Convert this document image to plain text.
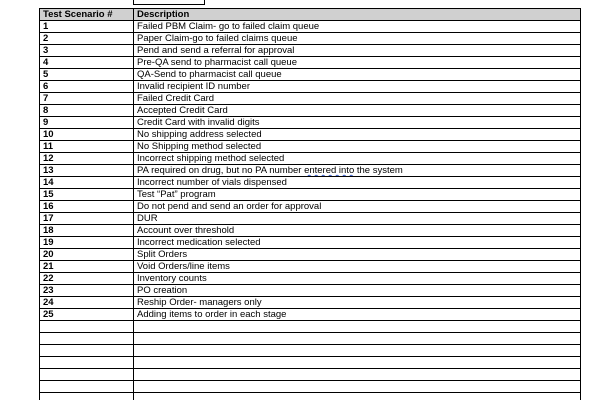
Test Scenario #	Description
1	Failed PBM Claim- go to failed claim queue
2	Paper Claim-go to failed claims queue
3	Pend and send a referral for approval
4	Pre-QA send to pharmacist call queue
5	QA-Send to pharmacist call queue
6	Invalid recipient ID number
7	Failed Credit Card
8	Accepted Credit Card
9	Credit Card with invalid digits
10	No shipping address selected
11	No Shipping method selected
12	Incorrect shipping method selected
13	PA required on drug, but no PA number entered into the system
14	Incorrect number of vials dispensed
15	Test “Pat” program
16	Do not pend and send an order for approval
17	DUR
18	Account over threshold
19	Incorrect medication selected
20	Split Orders
21	Void Orders/line items
22	Inventory counts
23	PO creation
24	Reship Order- managers only
25	Adding items to order in each stage
